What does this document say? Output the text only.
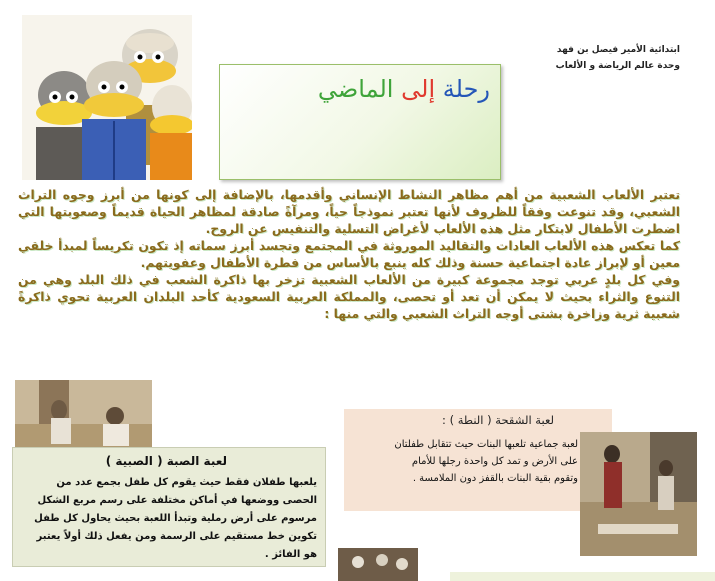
رحلة إلى الماضي
ابتدائية الأمير فيصل بن فهد
وحدة عالم الرياضة و الألعاب

تعتبر الألعاب الشعبية من أهم مظاهر النشاط الإنساني وأقدمها، بالإضافة إلى كونها من أبرز وجوه التراث الشعبي، وقد تنوعت وفقاً للظروف لأنها تعتبر نموذجاً حياً، ومرآةً صادقة لمظاهر الحياة قديماً وصعوبتها التي اضطرت الأطفال لابتكار مثل هذه الألعاب لأغراض التسلية والتنفيس عن الروح.

كما تعكس هذه الألعاب العادات والتقاليد الموروثة في المجتمع وتجسد أبرز سماته إذ تكون تكريساً لمبدأ خلقي معين أو لإبراز عادة اجتماعية حسنة وذلك كله ينبع بالأساس من فطرة الأطفال وعفويتهم.

وفي كل بلدٍ عربي توجد مجموعة كبيرة من الألعاب الشعبية تزخر بها ذاكرة الشعب في ذلك البلد وهي من التنوع والثراء بحيث لا يمكن أن تعد أو تحصى، والمملكة العربية السعودية كأحد البلدان العربية تحوي ذاكرةً شعبية ثرية وزاخرة بشتى أوجه التراث الشعبي والتي منها :

لعبة الصبة ( الصبية )

يلعبها طفلان فقط حيث يقوم كل طفل بجمع عدد من الحصى ووضعها في أماكن مختلفة على رسم مربع الشكل مرسوم على أرض رملية وتبدأ اللعبة بحيث يحاول كل طفل تكوين خط مستقيم على الرسمة ومن يفعل ذلك أولاً يعتبر هو الفائز .

لعبة الشقحة ( النطة ) :

لعبة جماعية تلعبها البنات حيث تتقابل طفلتان على الأرض و تمد كل واحدة رجلها للأمام وتقوم بقية البنات بالقفز دون الملامسة .
